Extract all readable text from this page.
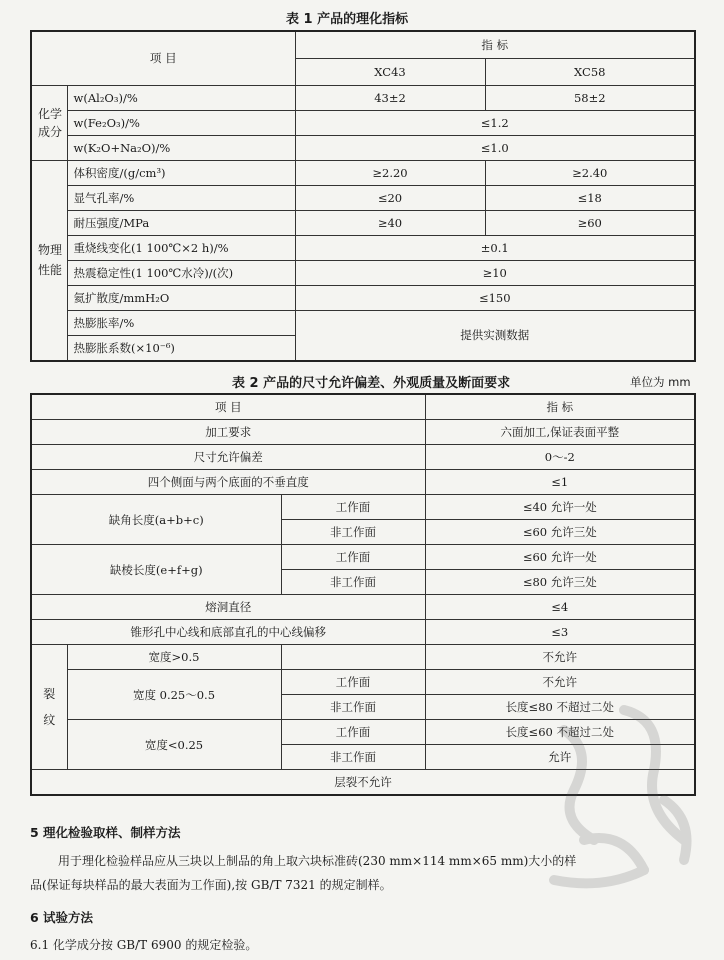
表 1 产品的理化指标
项 目		指 标	
		XC43	XC58

化学成分	w(Al₂O₃)/%	43±2	58±2
	w(Fe₂O₃)/%	≤1.2	
	w(K₂O+Na₂O)/%	≤1.0	

物理性能	体积密度/(g/cm³)	≥2.20	≥2.40
	显气孔率/%	≤20	≤18
	耐压强度/MPa	≥40	≥60
	重烧线变化(1 100℃×2 h)/%	±0.1	
	热震稳定性(1 100℃水冷)/(次)	≥10	
	氦扩散度/mmH₂O	≤150	
	热膨胀率/%	提供实测数据	
	热膨胀系数(×10⁻⁶)		
表 2 产品的尺寸允许偏差、外观质量及断面要求	单位为 mm
项 目			指 标
加工要求			六面加工,保证表面平整
尺寸允许偏差			0～-2
四个侧面与两个底面的不垂直度			≤1
缺角长度(a+b+c)		工作面	≤40 允许一处
		非工作面	≤60 允许三处
缺棱长度(e+f+g)		工作面	≤60 允许一处
		非工作面	≤80 允许三处
熔洞直径			≤4
锥形孔中心线和底部直孔的中心线偏移			≤3

裂纹	宽度>0.5		不允许
	宽度 0.25～0.5	工作面	不允许
		非工作面	长度≤80 不超过二处
	宽度<0.25	工作面	长度≤60 不超过二处
		非工作面	允许
层裂不允许			
5 理化检验取样、制样方法
用于理化检验样品应从三块以上制品的角上取六块标准砖(230 mm×114 mm×65 mm)大小的样
品(保证每块样品的最大表面为工作面),按 GB/T 7321 的规定制样。
6 试验方法
6.1 化学成分按 GB/T 6900 的规定检验。
